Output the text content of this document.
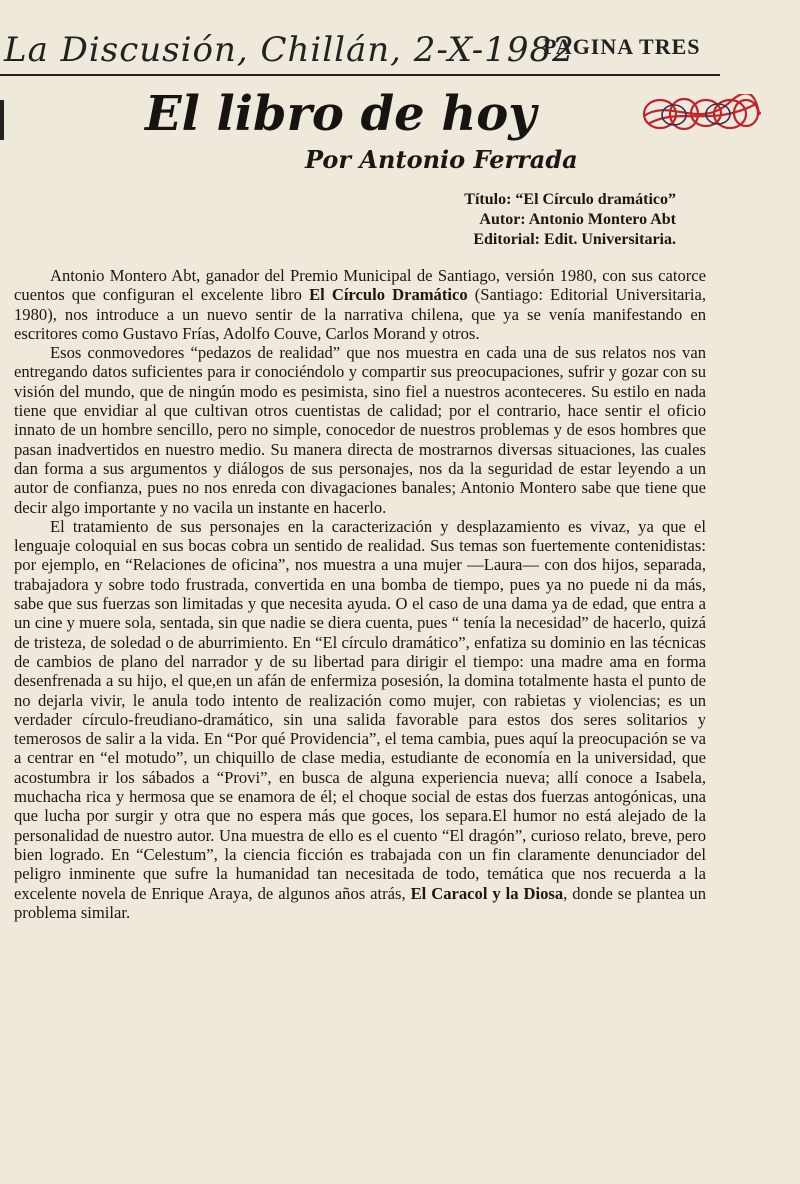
La Discusión, Chillán, 2-X-1982
PAGINA TRES
El libro de hoy
Por Antonio Ferrada
Título: “El Círculo dramático”
Autor: Antonio Montero Abt
Editorial: Edit. Universitaria.

Antonio Montero Abt, ganador del Premio Municipal de Santiago, versión 1980, con sus catorce cuentos que configuran el excelente libro El Círculo Dramático (Santiago: Editorial Universitaria, 1980), nos introduce a un nuevo sentir de la narrativa chilena, que ya se venía manifestando en escritores como Gustavo Frías, Adolfo Couve, Carlos Morand y otros.

Esos conmovedores “pedazos de realidad” que nos muestra en cada una de sus relatos nos van entregando datos suficientes para ir conociéndolo y compartir sus preocupaciones, sufrir y gozar con su visión del mundo, que de ningún modo es pesimista, sino fiel a nuestros aconteceres. Su estilo en nada tiene que envidiar al que cultivan otros cuentistas de calidad; por el contrario, hace sentir el oficio innato de un hombre sencillo, pero no simple, conocedor de nuestros problemas y de esos hombres que pasan inadvertidos en nuestro medio. Su manera directa de mostrarnos diversas situaciones, las cuales dan forma a sus argumentos y diálogos de sus personajes, nos da la seguridad de estar leyendo a un autor de confianza, pues no nos enreda con divagaciones banales; Antonio Montero sabe que tiene que decir algo importante y no vacila un instante en hacerlo.

El tratamiento de sus personajes en la caracterización y desplazamiento es vivaz, ya que el lenguaje coloquial en sus bocas cobra un sentido de realidad. Sus temas son fuertemente contenidistas: por ejemplo, en “Relaciones de oficina”, nos muestra a una mujer —Laura— con dos hijos, separada, trabajadora y sobre todo frustrada, convertida en una bomba de tiempo, pues ya no puede ni da más, sabe que sus fuerzas son limitadas y que necesita ayuda. O el caso de una dama ya de edad, que entra a un cine y muere sola, sentada, sin que nadie se diera cuenta, pues “ tenía la necesidad” de hacerlo, quizá de tristeza, de soledad o de aburrimiento. En “El círculo dramático”, enfatiza su dominio en las técnicas de cambios de plano del narrador y de su libertad para dirigir el tiempo: una madre ama en forma desenfrenada a su hijo, el que,en un afán de enfermiza posesión, la domina totalmente hasta el punto de no dejarla vivir, le anula todo intento de realización como mujer, con rabietas y violencias; es un verdader círculo-freudiano-dramático, sin una salida favorable para estos dos seres solitarios y temerosos de salir a la vida. En “Por qué Providencia”, el tema cambia, pues aquí la preocupación se va a centrar en “el motudo”, un chiquillo de clase media, estudiante de economía en la universidad, que acostumbra ir los sábados a “Provi”, en busca de alguna experiencia nueva; allí conoce a Isabela, muchacha rica y hermosa que se enamora de él; el choque social de estas dos fuerzas antogónicas, una que lucha por surgir y otra que no espera más que goces, los separa.El humor no está alejado de la personalidad de nuestro autor. Una muestra de ello es el cuento “El dragón”, curioso relato, breve, pero bien logrado. En “Celestum”, la ciencia ficción es trabajada con un fin claramente denunciador del peligro inminente que sufre la humanidad tan necesitada de todo, temática que nos recuerda a la excelente novela de Enrique Araya, de algunos años atrás, El Caracol y la Diosa, donde se plantea un problema similar.
